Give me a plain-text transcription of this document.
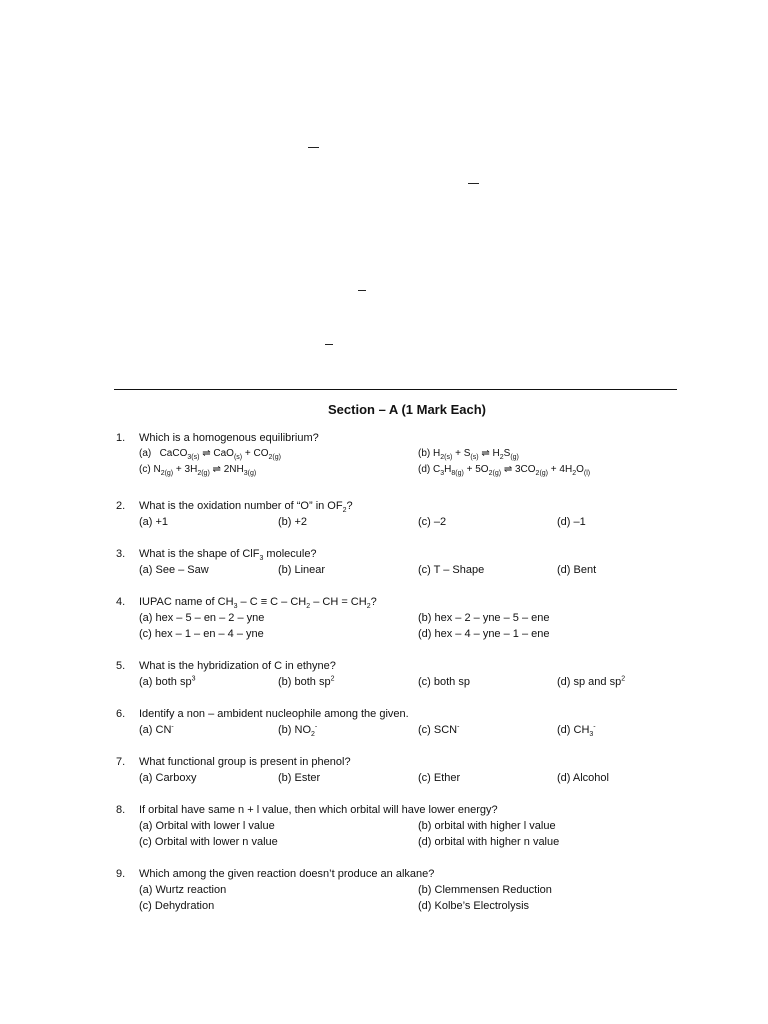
Section – A (1 Mark Each)
1. Which is a homogenous equilibrium?
(a) CaCO$_{3(s)}$ ⇌ $CaO_{(s)} + CO_{2(g)}$	(b) $H_{2(s)} + S_{(s)}$ ⇌ $H_2S_{(g)}$
(c) $N_{2(g)} + 3H_{2(g)}$ ⇌ $2NH_{3(g)}$	(d) $C_3H_{8(g)} + 5O_{2(g)}$ ⇌ $3CO_{2(g)} + 4H_2O_{(l)}$
2. What is the oxidation number of “O” in $OF_2$?
(a) +1	(b) +2	(c) –2	(d) –1
3. What is the shape of ClF$_3$ molecule?
(a) See – Saw	(b) Linear	(c) T – Shape	(d) Bent
4. IUPAC name of $CH_3 - C \equiv C - CH_2$ – CH = $CH_2$?
(a) hex – 5 – en – 2 – yne	(b) hex – 2 – yne – 5 – ene
(c) hex – 1 – en – 4 – yne	(d) hex – 4 – yne – 1 – ene
5. What is the hybridization of C in ethyne?
(a) both $sp^3$	(b) both $sp^2$	(c) both sp	(d) sp and $sp^2$
6. Identify a non – ambident nucleophile among the given.
(a) CN-	(b) $NO_2^-$	(c) SCN-	(d) $CH_3^-$
7. What functional group is present in phenol?
(a) Carboxy	(b) Ester	(c) Ether	(d) Alcohol
8. If orbital have same n + l value, then which orbital will have lower energy?
(a) Orbital with lower l value	(b) orbital with higher l value
(c) Orbital with lower n value	(d) orbital with higher n value
9. Which among the given reaction doesn’t produce an alkane?
(a) Wurtz reaction	(b) Clemmensen Reduction
(c) Dehydration	(d) Kolbe’s Electrolysis
